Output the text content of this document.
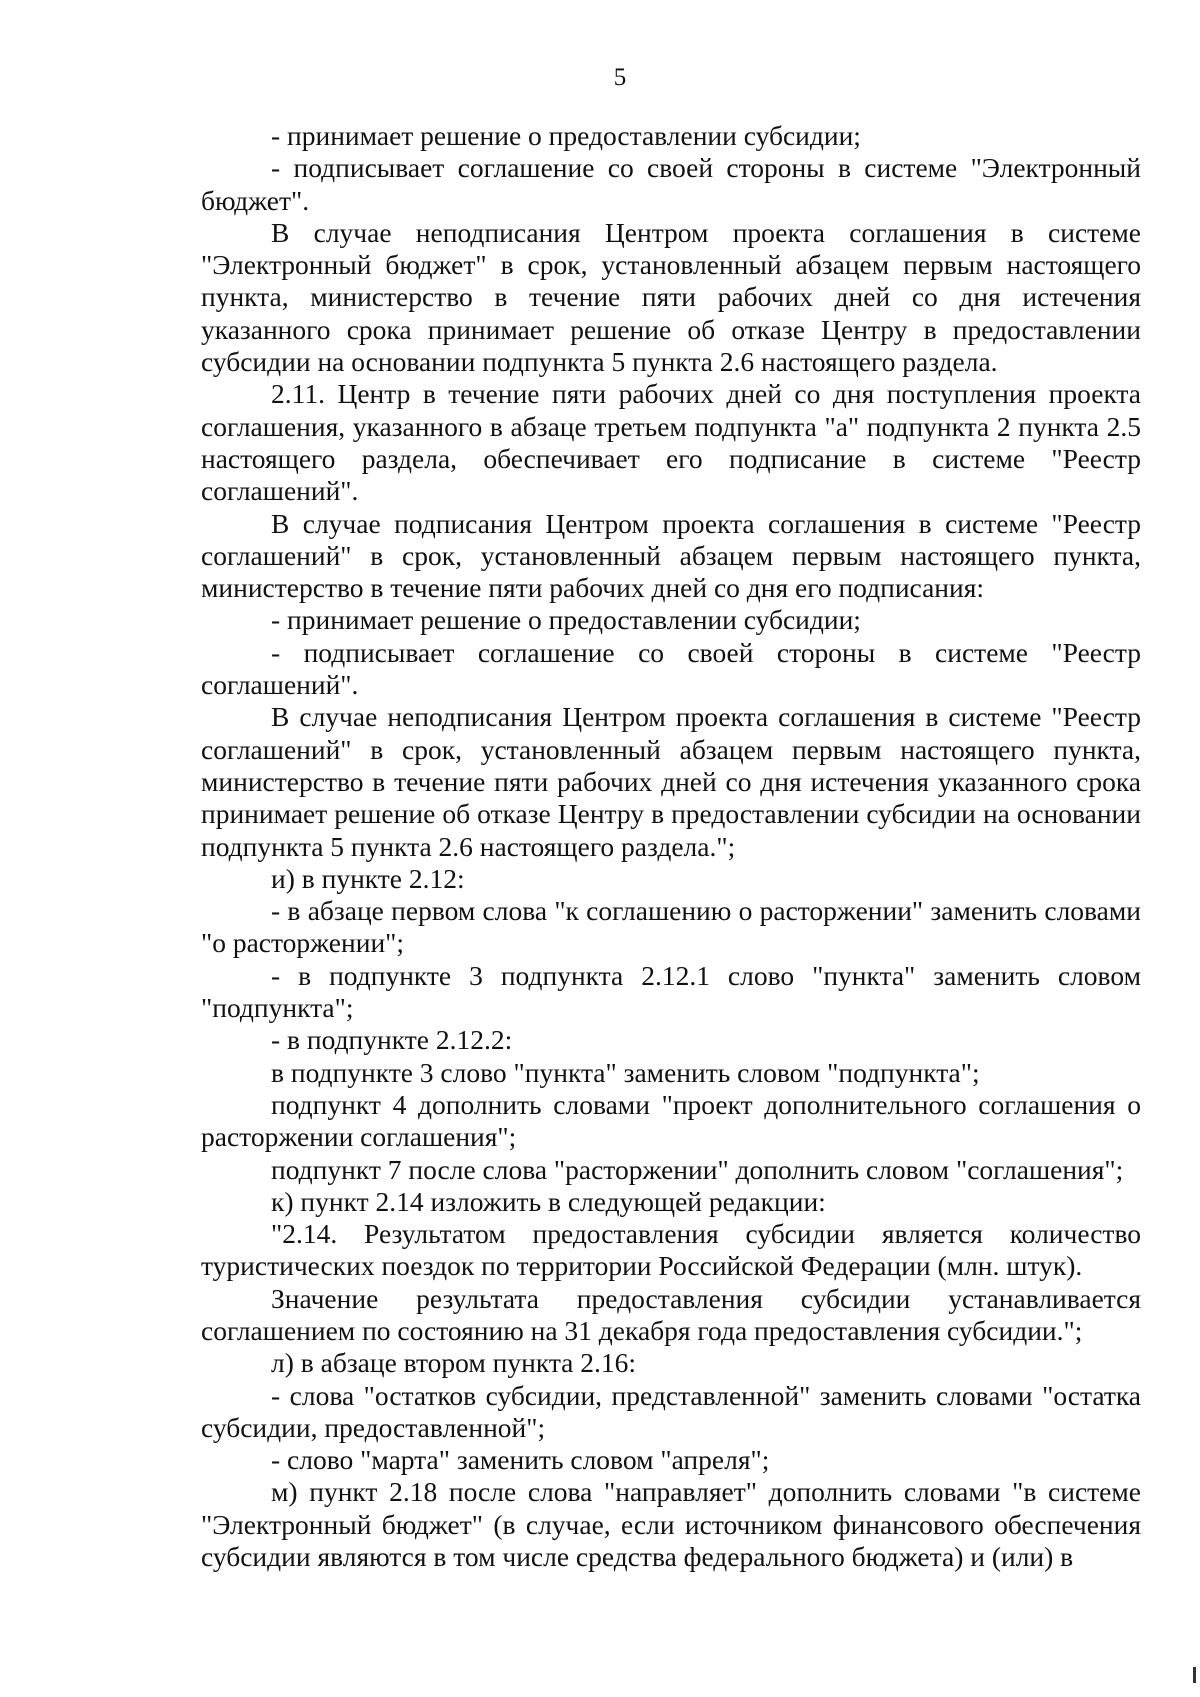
5

- принимает решение о предоставлении субсидии;

- подписывает соглашение со своей стороны в системе "Электронный бюджет".

В случае неподписания Центром проекта соглашения в системе "Электронный бюджет" в срок, установленный абзацем первым настоящего пункта, министерство в течение пяти рабочих дней со дня истечения указанного срока принимает решение об отказе Центру в предоставлении субсидии на основании подпункта 5 пункта 2.6 настоящего раздела.

2.11. Центр в течение пяти рабочих дней со дня поступления проекта соглашения, указанного в абзаце третьем подпункта "а" подпункта 2 пункта 2.5 настоящего раздела, обеспечивает его подписание в системе "Реестр соглашений".

В случае подписания Центром проекта соглашения в системе "Реестр соглашений" в срок, установленный абзацем первым настоящего пункта, министерство в течение пяти рабочих дней со дня его подписания:

- принимает решение о предоставлении субсидии;

- подписывает соглашение со своей стороны в системе "Реестр соглашений".

В случае неподписания Центром проекта соглашения в системе "Реестр соглашений" в срок, установленный абзацем первым настоящего пункта, министерство в течение пяти рабочих дней со дня истечения указанного срока принимает решение об отказе Центру в предоставлении субсидии на основании подпункта 5 пункта 2.6 настоящего раздела.";

и) в пункте 2.12:

- в абзаце первом слова "к соглашению о расторжении" заменить словами "о расторжении";

- в подпункте 3 подпункта 2.12.1 слово "пункта" заменить словом "подпункта";

- в подпункте 2.12.2:

в подпункте 3 слово "пункта" заменить словом "подпункта";

подпункт 4 дополнить словами "проект дополнительного соглашения о расторжении соглашения";

подпункт 7 после слова "расторжении" дополнить словом "соглашения";

к) пункт 2.14 изложить в следующей редакции:

"2.14. Результатом предоставления субсидии является количество туристических поездок по территории Российской Федерации (млн. штук).

Значение результата предоставления субсидии устанавливается соглашением по состоянию на 31 декабря года предоставления субсидии.";

л) в абзаце втором пункта 2.16:

- слова "остатков субсидии, представленной" заменить словами "остатка субсидии, предоставленной";

- слово "марта" заменить словом "апреля";

м) пункт 2.18 после слова "направляет" дополнить словами "в системе "Электронный бюджет" (в случае, если источником финансового обеспечения субсидии являются в том числе средства федерального бюджета) и (или) в
